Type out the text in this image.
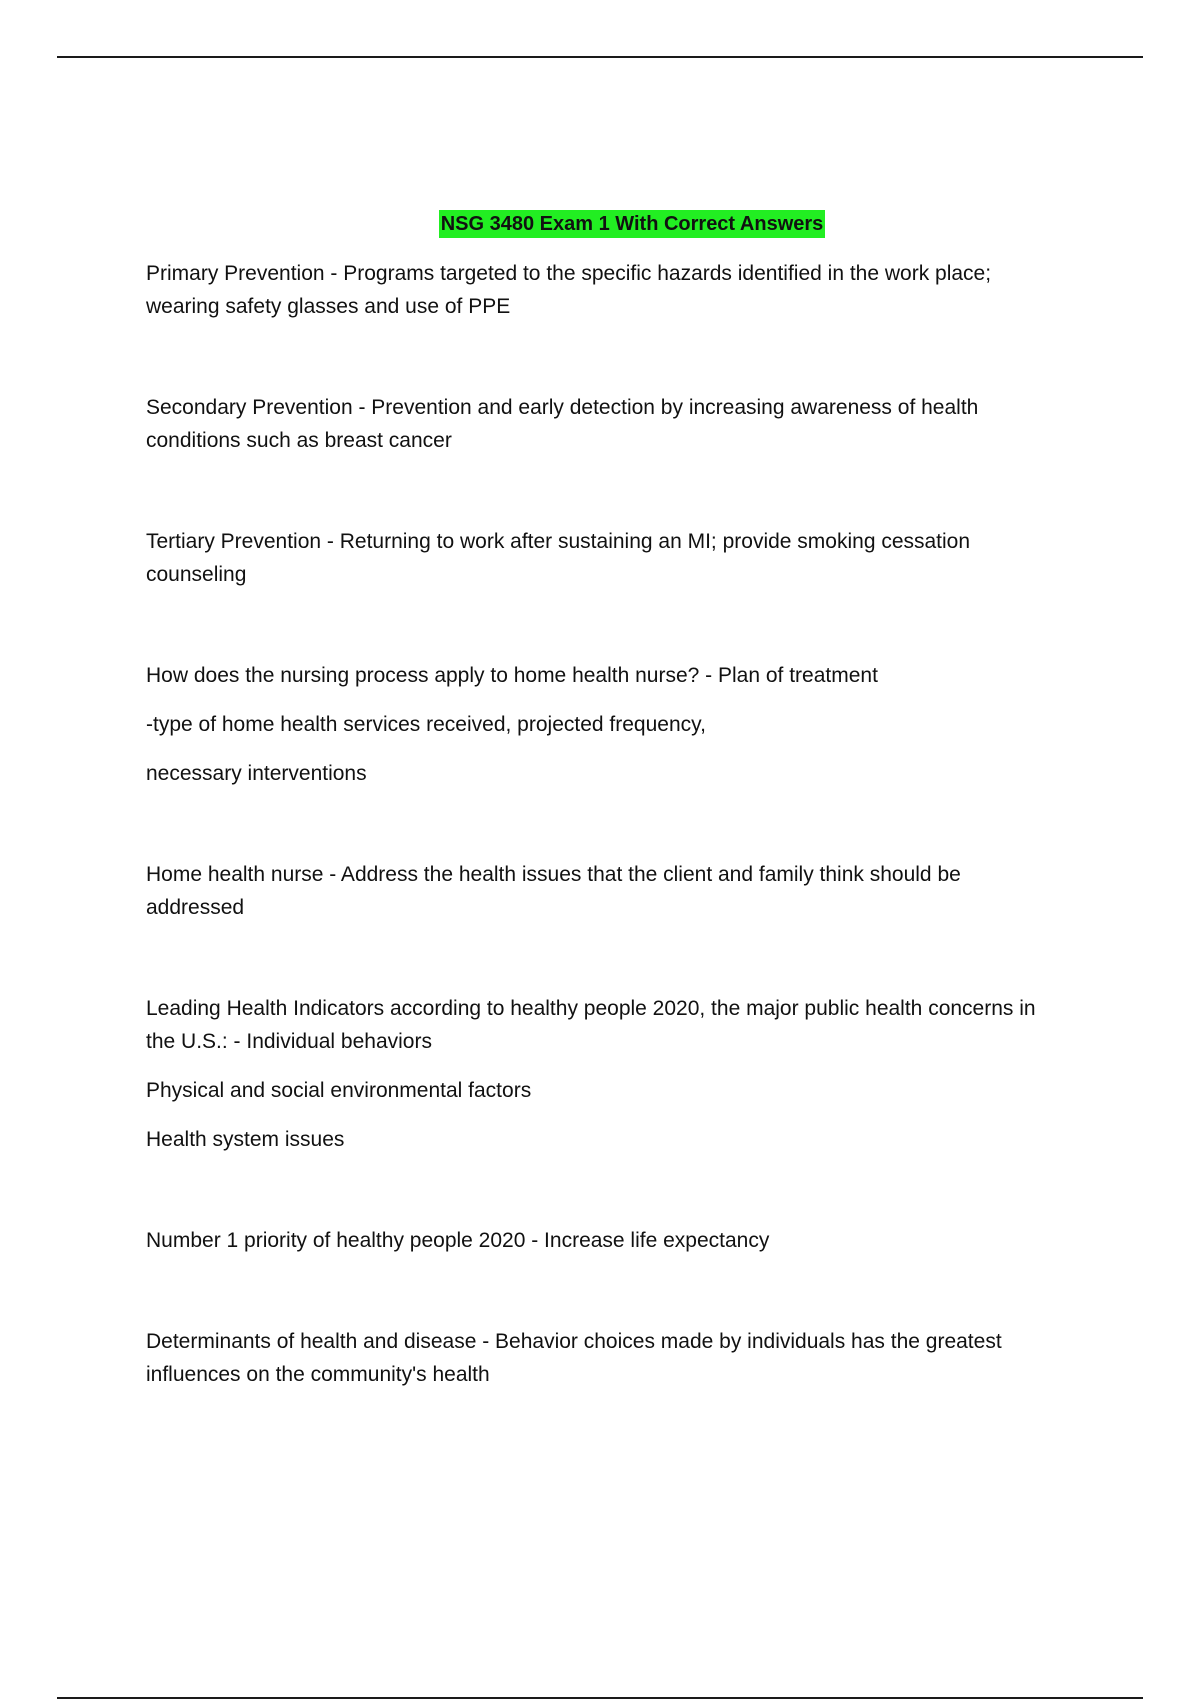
NSG 3480 Exam 1 With Correct Answers
Primary Prevention - Programs targeted to the specific hazards identified in the work place;
wearing safety glasses and use of PPE
Secondary Prevention - Prevention and early detection by increasing awareness of health
conditions such as breast cancer
Tertiary Prevention - Returning to work after sustaining an MI; provide smoking cessation
counseling
How does the nursing process apply to home health nurse? - Plan of treatment
-type of home health services received, projected frequency,
necessary interventions
Home health nurse - Address the health issues that the client and family think should be
addressed
Leading Health Indicators according to healthy people 2020, the major public health concerns in
the U.S.: - Individual behaviors
Physical and social environmental factors
Health system issues
Number 1 priority of healthy people 2020 - Increase life expectancy
Determinants of health and disease - Behavior choices made by individuals has the greatest
influences on the community's health
